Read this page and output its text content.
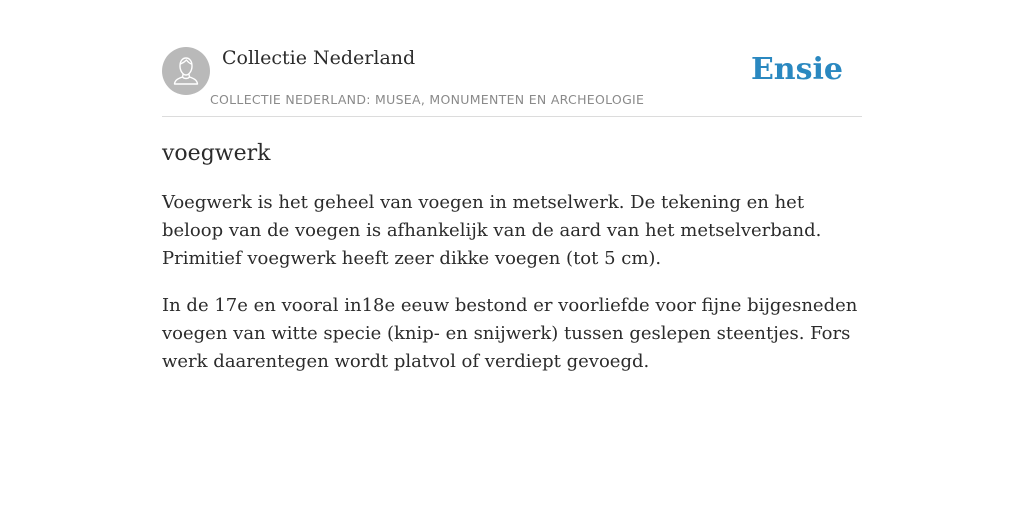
Collectie Nederland
COLLECTIE NEDERLAND: MUSEA, MONUMENTEN EN ARCHEOLOGIE
Ensie
voegwerk

Voegwerk is het geheel van voegen in metselwerk. De tekening en het beloop van de voegen is afhankelijk van de aard van het metselverband. Primitief voegwerk heeft zeer dikke voegen (tot 5 cm).

In de 17e en vooral in18e eeuw bestond er voorliefde voor fijne bijgesneden voegen van witte specie (knip- en snijwerk) tussen geslepen steentjes. Fors werk daarentegen wordt platvol of verdiept gevoegd.
